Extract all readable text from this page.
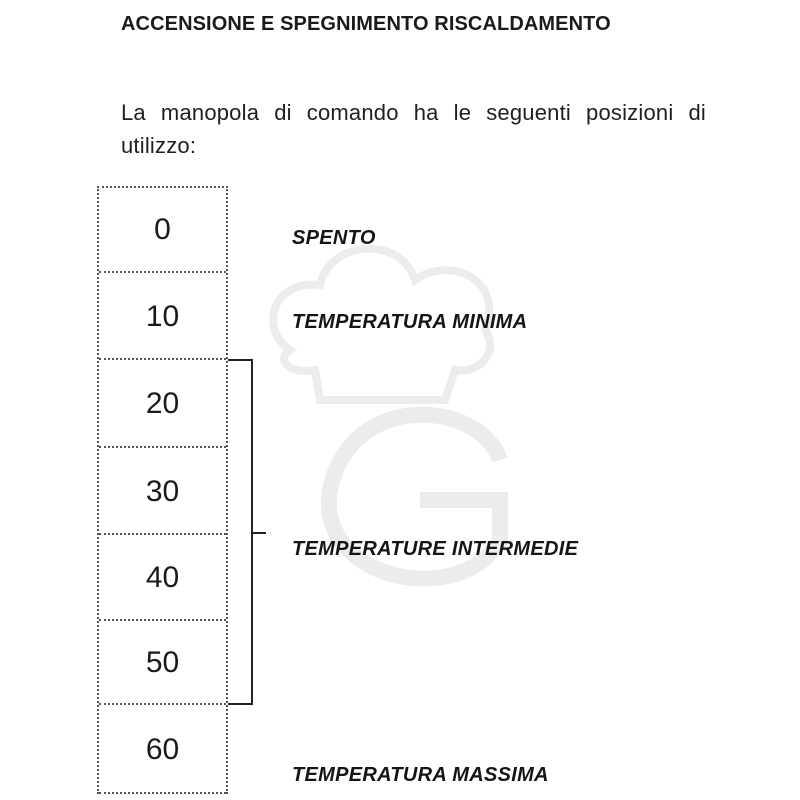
ACCENSIONE E SPEGNIMENTO RISCALDAMENTO

La manopola di comando ha le seguenti posizioni di utilizzo:

0
10
20
30
40
50
60
SPENTO
TEMPERATURA MINIMA
TEMPERATURE INTERMEDIE
TEMPERATURA MASSIMA
